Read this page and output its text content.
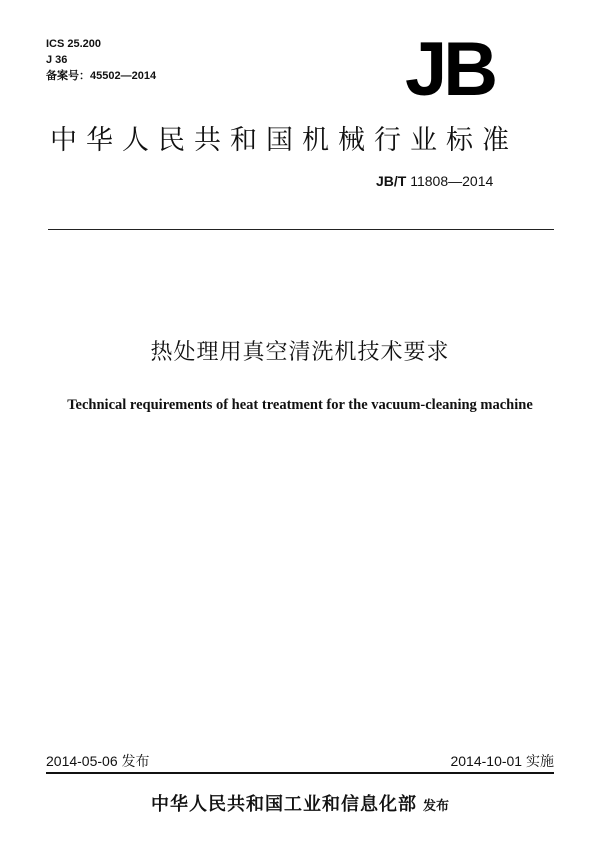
ICS 25.200
J 36
备案号：45502—2014	JB
中华人民共和国机械行业标准
JB/T 11808—2014
热处理用真空清洗机技术要求
Technical requirements of heat treatment for the vacuum-cleaning machine
2014-05-06 发布	2014-10-01 实施
中华人民共和国工业和信息化部 发布
